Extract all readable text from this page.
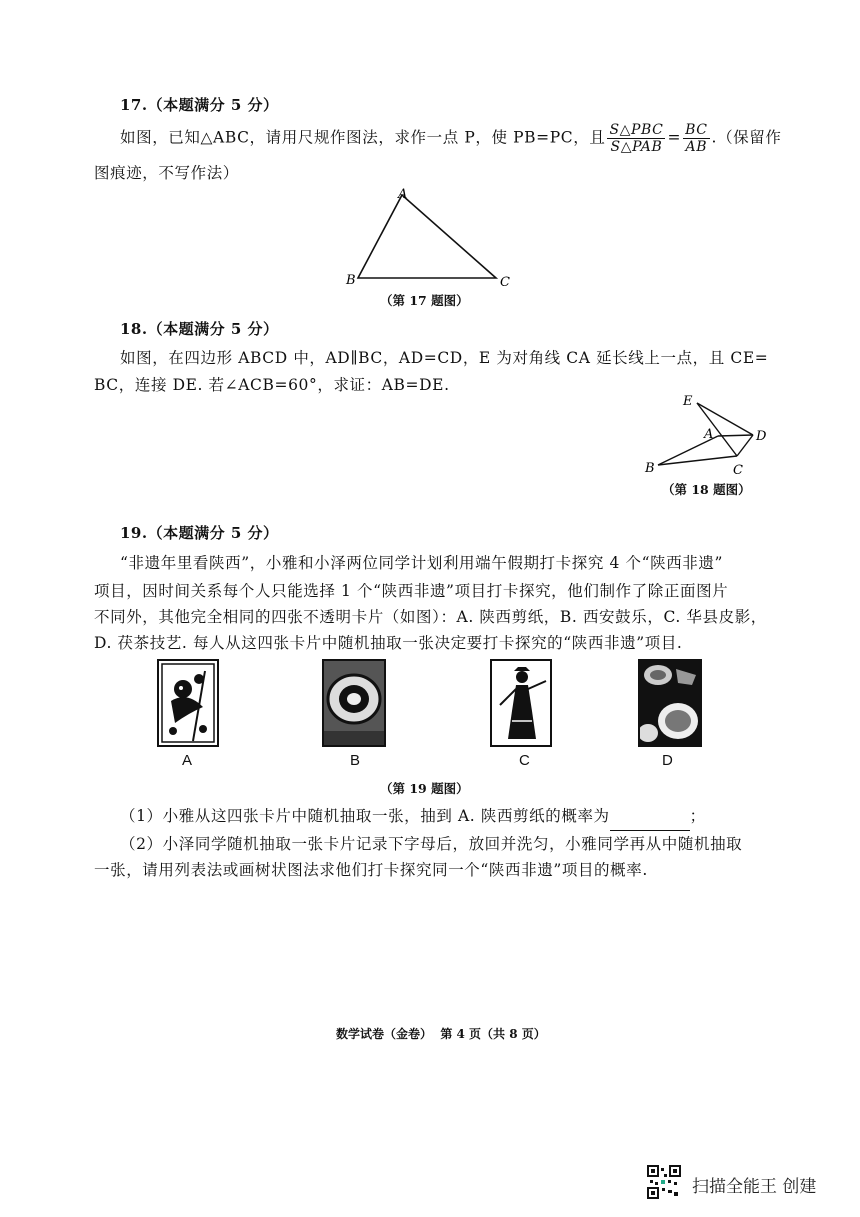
17.（本题满分 5 分）
如图，已知△ABC，请用尺规作图法，求作一点 P，使 PB=PC，且 $\frac{\text{S△PBC}}{\text{S△PAB}} = \frac{BC}{AB}$ .（保留作
图痕迹，不写作法）
A
B	C
（第 17 题图）
18.（本题满分 5 分）
如图，在四边形 ABCD 中，AD∥BC，AD=CD，E 为对角线 CA 延长线上一点，且 CE=
BC，连接 DE. 若∠ACB=60°，求证：AB=DE.
E
A	D
B	C
（第 18 题图）
19.（本题满分 5 分）
“非遗年里看陕西”，小雅和小泽两位同学计划利用端午假期打卡探究 4 个“陕西非遗”
项目，因时间关系每个人只能选择 1 个“陕西非遗”项目打卡探究，他们制作了除正面图片
不同外，其他完全相同的四张不透明卡片（如图）：A. 陕西剪纸，B. 西安鼓乐，C. 华县皮影，
D. 茯茶技艺. 每人从这四张卡片中随机抽取一张决定要打卡探究的“陕西非遗”项目.
A	B	C	D
（第 19 题图）
（1）小雅从这四张卡片中随机抽取一张，抽到 A. 陕西剪纸的概率为	；
（2）小泽同学随机抽取一张卡片记录下字母后，放回并洗匀，小雅同学再从中随机抽取
一张，请用列表法或画树状图法求他们打卡探究同一个“陕西非遗”项目的概率.
数学试卷（金卷）  第 4 页（共 8 页）
扫描全能王 创建
